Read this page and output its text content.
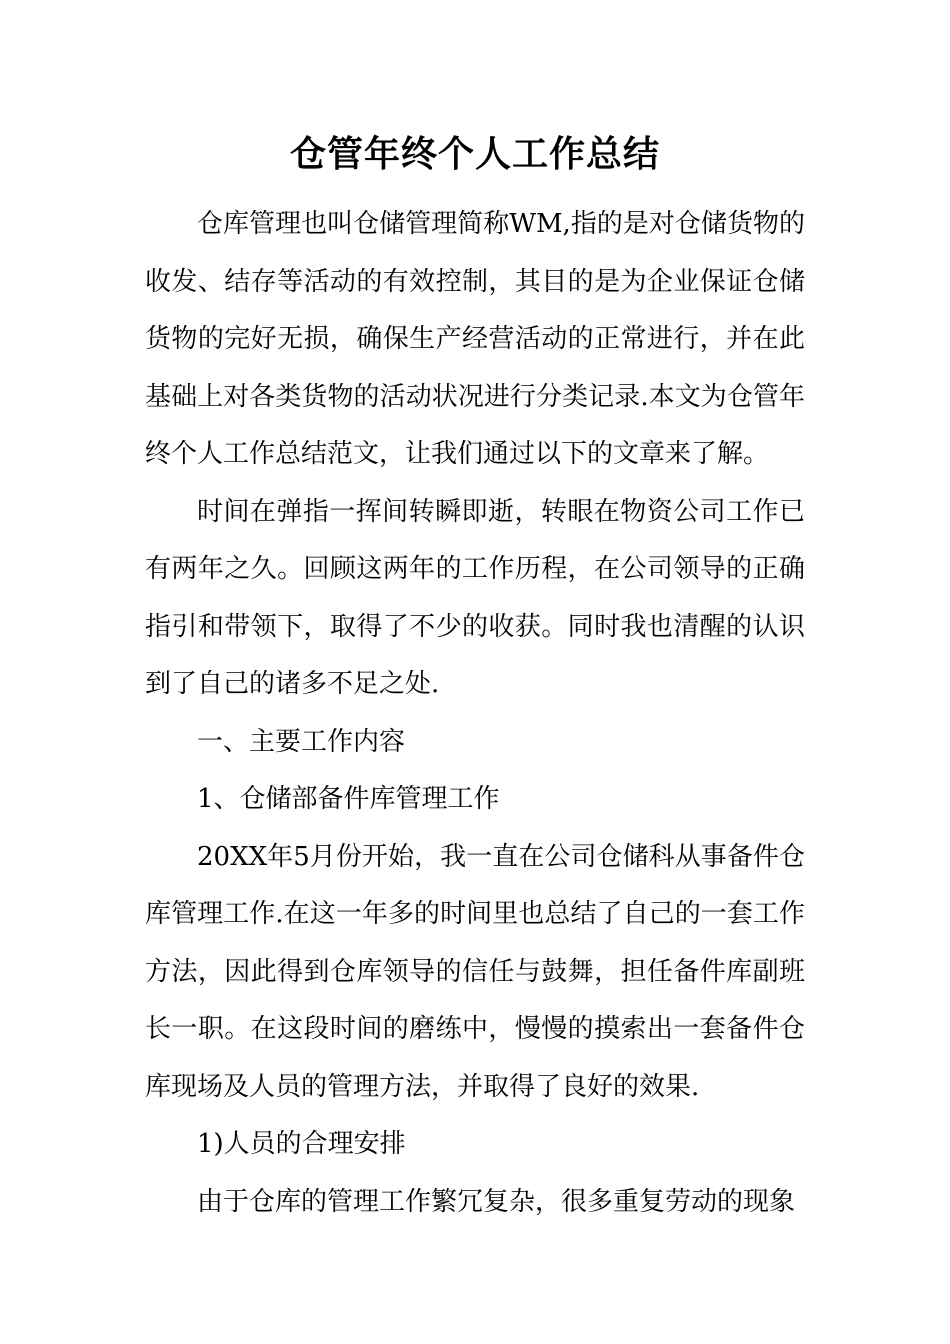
仓管年终个人工作总结

仓库管理也叫仓储管理简称WM,指的是对仓储货物的收发、结存等活动的有效控制，其目的是为企业保证仓储货物的完好无损，确保生产经营活动的正常进行，并在此基础上对各类货物的活动状况进行分类记录.本文为仓管年终个人工作总结范文，让我们通过以下的文章来了解。

时间在弹指一挥间转瞬即逝，转眼在物资公司工作已有两年之久。回顾这两年的工作历程，在公司领导的正确指引和带领下，取得了不少的收获。同时我也清醒的认识到了自己的诸多不足之处.

一、主要工作内容

1、仓储部备件库管理工作

20XX年5月份开始，我一直在公司仓储科从事备件仓库管理工作.在这一年多的时间里也总结了自己的一套工作方法，因此得到仓库领导的信任与鼓舞，担任备件库副班长一职。在这段时间的磨练中，慢慢的摸索出一套备件仓库现场及人员的管理方法，并取得了良好的效果.

1)人员的合理安排

由于仓库的管理工作繁冗复杂，很多重复劳动的现象
